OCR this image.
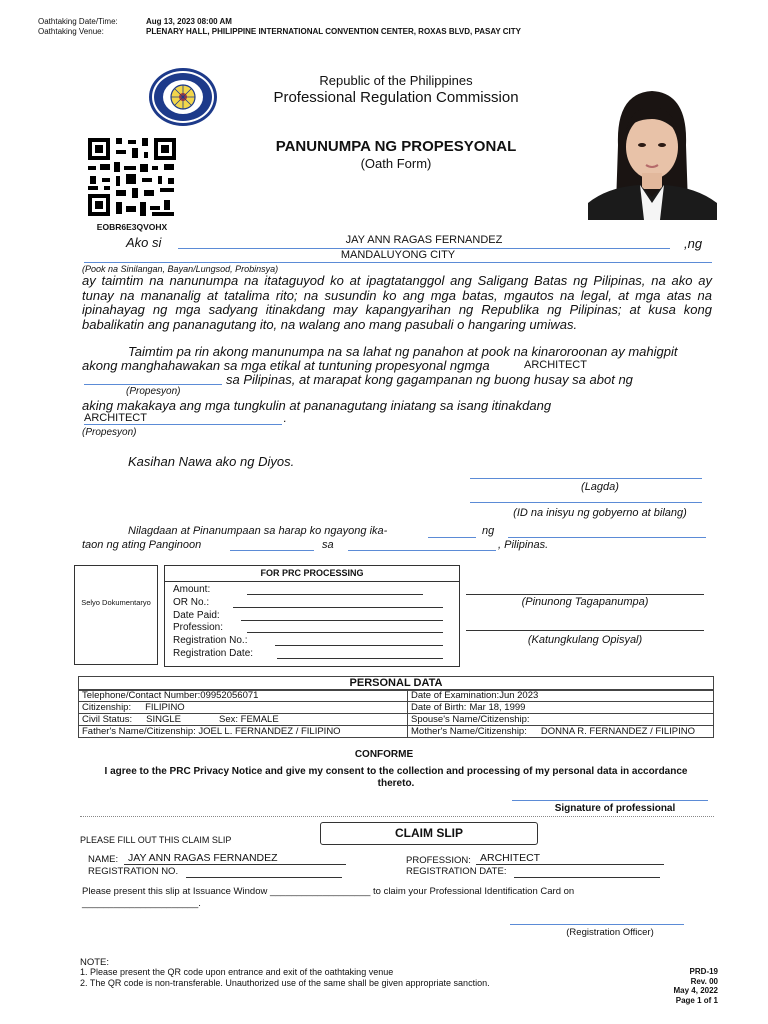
Oathtaking Date/Time:	Aug 13, 2023 08:00 AM
Oathtaking Venue:	PLENARY HALL, PHILIPPINE INTERNATIONAL CONVENTION CENTER, ROXAS BLVD, PASAY CITY
Republic of the Philippines
Professional Regulation Commission
PANUNUMPA NG PROPESYONAL
(Oath Form)
EOBR6E3QVOHX
Ako si	JAY ANN RAGAS FERNANDEZ	,ng
MANDALUYONG CITY
(Pook na Sinilangan, Bayan/Lungsod, Probinsya)
ay taimtim na nanunumpa na itataguyod ko at ipagtatanggol ang Saligang Batas ng Pilipinas, na ako ay tunay na mananalig at tatalima rito; na susundin ko ang mga batas, mgautos na legal, at mga atas na ipinahayag ng mga sadyang itinakdang may kapangyarihan ng Republika ng Pilipinas; at kusa kong babalikatin ang pananagutang ito, na walang ano mang pasubali o hangaring umiwas.
Taimtim pa rin akong manunumpa na sa lahat ng panahon at pook na kinaroroonan ay mahigpit
akong manghahawakan sa mga etikal at tuntuning propesyonal ngmga	ARCHITECT
sa Pilipinas, at marapat kong gagampanan ng buong husay sa abot ng
(Propesyon)
aking makakaya ang mga tungkulin at pananagutang iniatang sa isang itinakdang
ARCHITECT	.
(Propesyon)
Kasihan Nawa ako ng Diyos.
(Lagda)
(ID na inisyu ng gobyerno at bilang)
Nilagdaan at Pinanumpaan sa harap ko ngayong ika-	ng
taon ng ating Panginoon	sa	, Pilipinas.
Selyo Dokumentaryo
FOR PRC PROCESSING
Amount:
OR No.:
Date Paid:
Profession:
Registration No.:
Registration Date:
(Pinunong Tagapanumpa)
(Katungkulang Opisyal)
PERSONAL DATA
Telephone/Contact Number:09952056071	Date of Examination:Jun 2023
Citizenship: FILIPINO	Date of Birth: Mar 18, 1999
Civil Status: SINGLE Sex: FEMALE	Spouse's Name/Citizenship:
Father's Name/Citizenship: JOEL L. FERNANDEZ / FILIPINO	Mother's Name/Citizenship: DONNA R. FERNANDEZ / FILIPINO
CONFORME
I agree to the PRC Privacy Notice and give my consent to the collection and processing of my personal data in accordance thereto.
Signature of professional
PLEASE FILL OUT THIS CLAIM SLIP	CLAIM SLIP
NAME: JAY ANN RAGAS FERNANDEZ
REGISTRATION NO.
PROFESSION: ARCHITECT
REGISTRATION DATE:
Please present this slip at Issuance Window ___________________ to claim your Professional Identification Card on
______________________.
(Registration Officer)
NOTE:
1. Please present the QR code upon entrance and exit of the oathtaking venue
2. The QR code is non-transferable. Unauthorized use of the same shall be given appropriate sanction.
PRD-19
Rev. 00
May 4, 2022
Page 1 of 1
